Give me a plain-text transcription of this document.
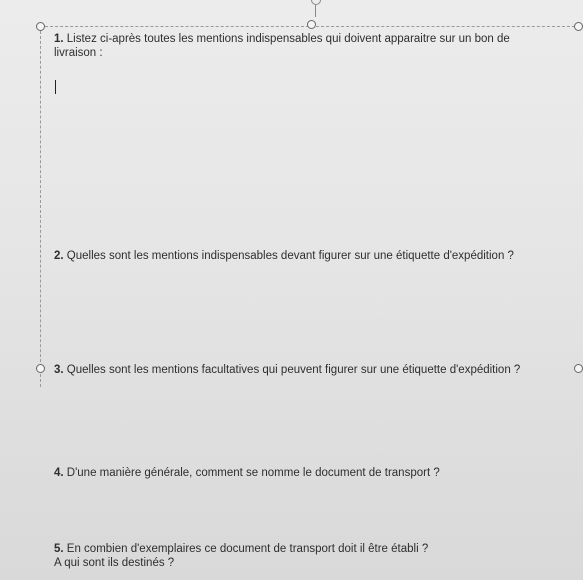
1. Listez ci-après toutes les mentions indispensables qui doivent apparaitre sur un bon de livraison :

2. Quelles sont les mentions indispensables devant figurer sur une étiquette d'expédition ?

3. Quelles sont les mentions facultatives qui peuvent figurer sur une étiquette d'expédition ?

4. D'une manière générale, comment se nomme le document de transport ?

5. En combien d'exemplaires ce document de transport doit il être établi ?
A qui sont ils destinés ?
